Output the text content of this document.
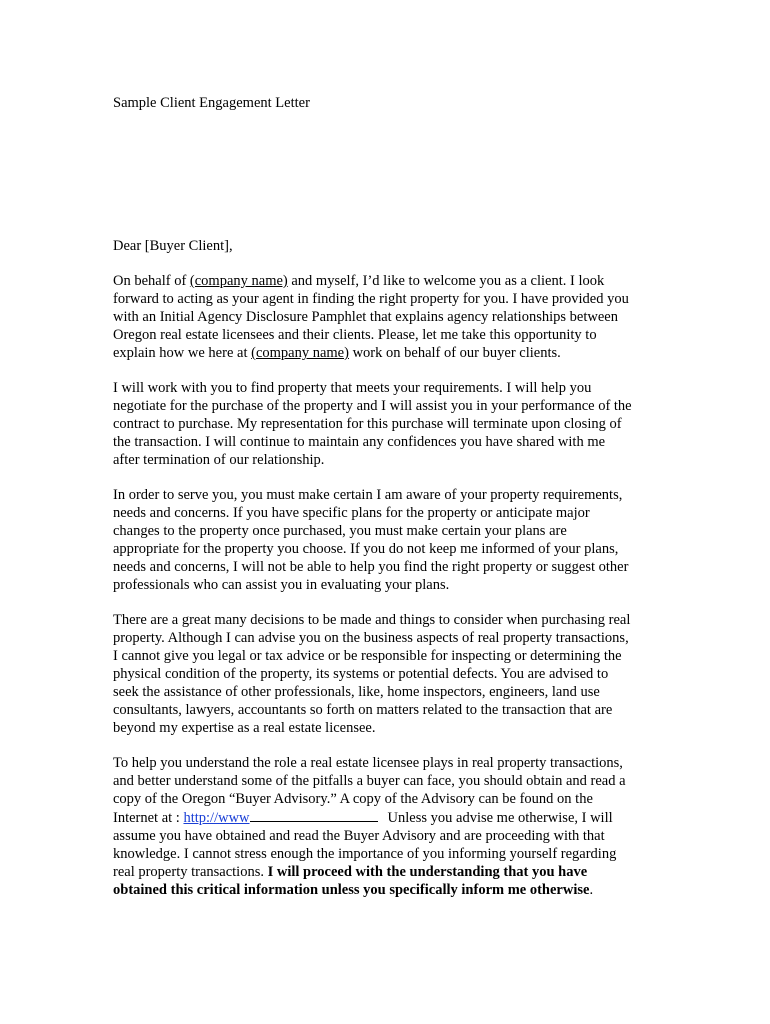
Sample Client Engagement Letter
Dear [Buyer Client],

On behalf of (company name) and myself, I’d like to welcome you as a client. I look
forward to acting as your agent in finding the right property for you. I have provided you
with an Initial Agency Disclosure Pamphlet that explains agency relationships between
Oregon real estate licensees and their clients. Please, let me take this opportunity to
explain how we here at (company name) work on behalf of our buyer clients.

I will work with you to find property that meets your requirements. I will help you
negotiate for the purchase of the property and I will assist you in your performance of the
contract to purchase. My representation for this purchase will terminate upon closing of
the transaction. I will continue to maintain any confidences you have shared with me
after termination of our relationship.

In order to serve you, you must make certain I am aware of your property requirements,
needs and concerns. If you have specific plans for the property or anticipate major
changes to the property once purchased, you must make certain your plans are
appropriate for the property you choose. If you do not keep me informed of your plans,
needs and concerns, I will not be able to help you find the right property or suggest other
professionals who can assist you in evaluating your plans.

There are a great many decisions to be made and things to consider when purchasing real
property. Although I can advise you on the business aspects of real property transactions,
I cannot give you legal or tax advice or be responsible for inspecting or determining the
physical condition of the property, its systems or potential defects. You are advised to
seek the assistance of other professionals, like, home inspectors, engineers, land use
consultants, lawyers, accountants so forth on matters related to the transaction that are
beyond my expertise as a real estate licensee.

To help you understand the role a real estate licensee plays in real property transactions,
and better understand some of the pitfalls a buyer can face, you should obtain and read a
copy of the Oregon “Buyer Advisory.” A copy of the Advisory can be found on the
Internet at : http://www	Unless you advise me otherwise, I will
assume you have obtained and read the Buyer Advisory and are proceeding with that
knowledge. I cannot stress enough the importance of you informing yourself regarding
real property transactions. I will proceed with the understanding that you have
obtained this critical information unless you specifically inform me otherwise.
